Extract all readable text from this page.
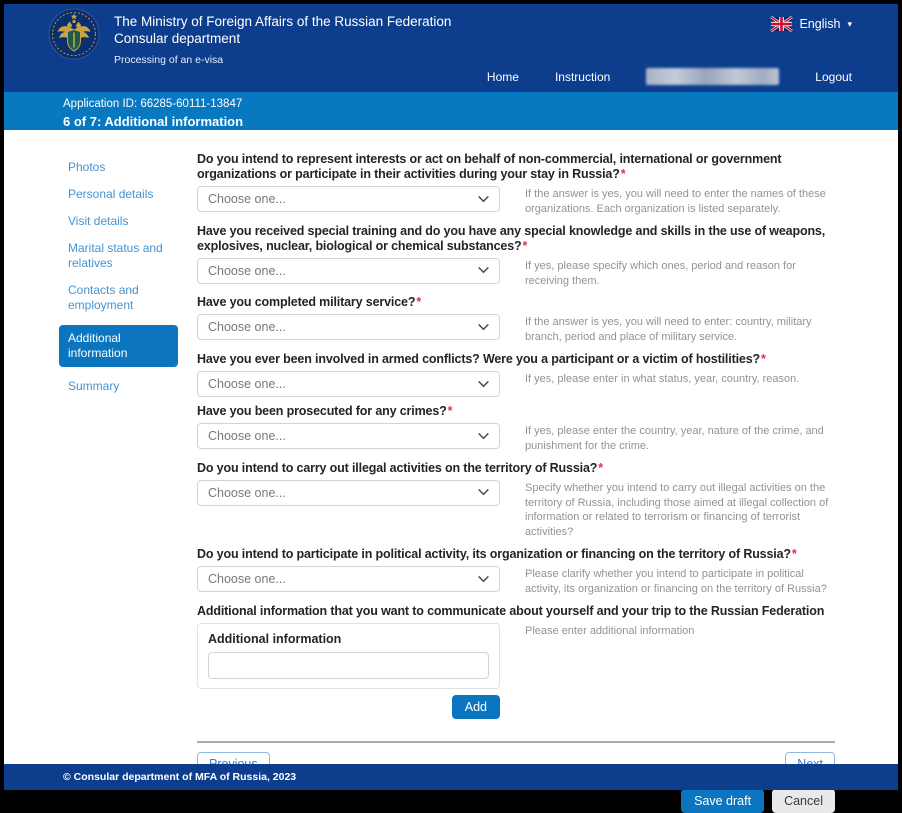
The Ministry of Foreign Affairs of the Russian Federation
Consular department
Processing of an e-visa
English ▾
Home	Instruction	Logout
Application ID: 66285-60111-13847
6 of 7: Additional information
Photos
Personal details
Visit details
Marital status and relatives
Contacts and employment
Additional information
Summary
Do you intend to represent interests or act on behalf of non-commercial, international or government organizations or participate in their activities during your stay in Russia?*
Choose one...	If the answer is yes, you will need to enter the names of these organizations. Each organization is listed separately.
Have you received special training and do you have any special knowledge and skills in the use of weapons, explosives, nuclear, biological or chemical substances?*
Choose one...	If yes, please specify which ones, period and reason for receiving them.
Have you completed military service?*
Choose one...	If the answer is yes, you will need to enter: country, military branch, period and place of military service.
Have you ever been involved in armed conflicts? Were you a participant or a victim of hostilities?*
Choose one...	If yes, please enter in what status, year, country, reason.
Have you been prosecuted for any crimes?*
Choose one...	If yes, please enter the country, year, nature of the crime, and punishment for the crime.
Do you intend to carry out illegal activities on the territory of Russia?*
Choose one...	Specify whether you intend to carry out illegal activities on the territory of Russia, including those aimed at illegal collection of information or related to terrorism or financing of terrorist activities?
Do you intend to participate in political activity, its organization or financing on the territory of Russia?*
Choose one...	Please clarify whether you intend to participate in political activity, its organization or financing on the territory of Russia?
Additional information that you want to communicate about yourself and your trip to the Russian Federation
Additional information
Please enter additional information
Add
Save draft	Cancel
© Consular department of MFA of Russia, 2023
